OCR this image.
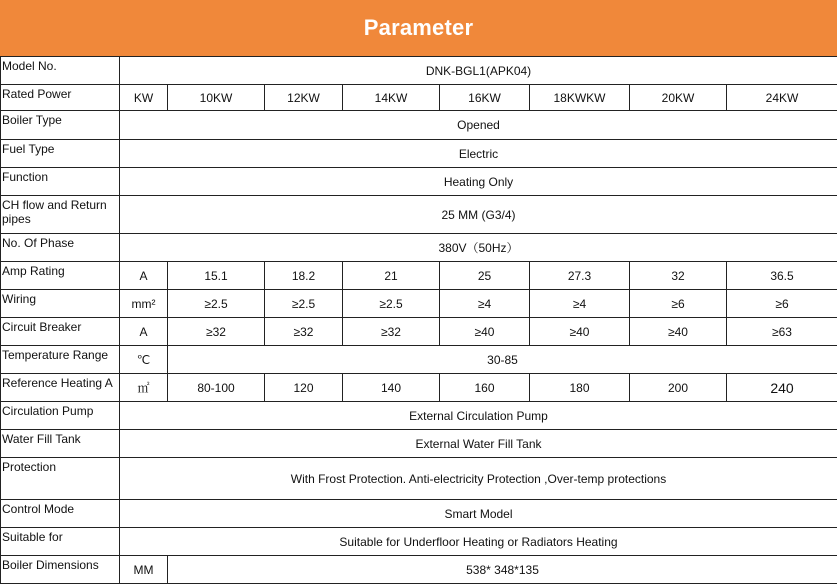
Parameter
Model No.	DNK-BGL1(APK04)							
Rated Power	KW	10KW	12KW	14KW	16KW	18KWKW	20KW	24KW
Boiler Type	Opened							
Fuel Type	Electric							
Function	Heating Only							
CH flow and Return pipes	25 MM (G3/4)							
No. Of Phase	380V（50Hz）							
Amp Rating	A	15.1	18.2	21	25	27.3	32	36.5
Wiring	mm²	≥2.5	≥2.5	≥2.5	≥4	≥4	≥6	≥6
Circuit Breaker	A	≥32	≥32	≥32	≥40	≥40	≥40	≥63
Temperature Range	℃	30-85						
Reference Heating A	㎡	80-100	120	140	160	180	200	240
Circulation Pump	External Circulation Pump							
Water Fill Tank	External Water Fill Tank							
Protection	With Frost Protection. Anti-electricity Protection ,Over-temp protections							
Control Mode	Smart Model							
Suitable for	Suitable for Underfloor Heating or Radiators Heating							
Boiler Dimensions	MM	538* 348*135						
